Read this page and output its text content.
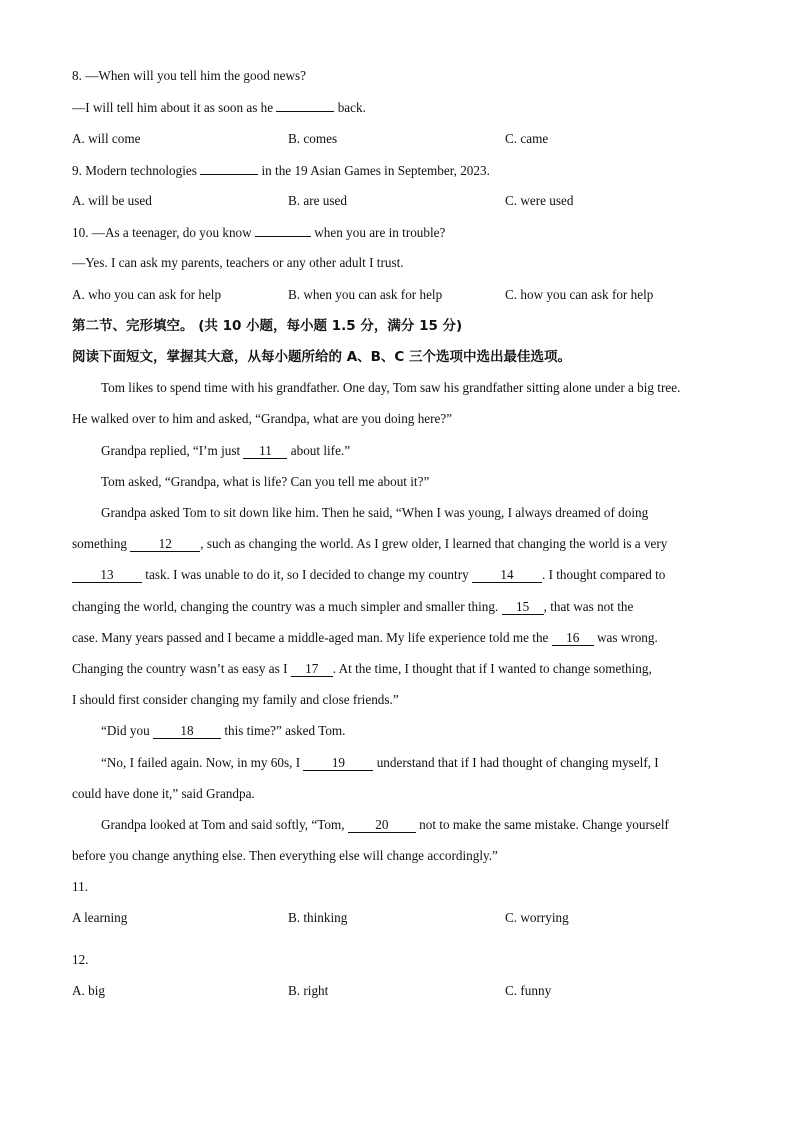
8. —When will you tell him the good news?
—I will tell him about it as soon as he	back.
A. will come	B. comes	C. came
9. Modern technologies	in the 19 Asian Games in September, 2023.
A. will be used	B. are used	C. were used
10. —As a teenager, do you know	when you are in trouble?
—Yes. I can ask my parents, teachers or any other adult I trust.
A. who you can ask for help	B. when you can ask for help	C. how you can ask for help
第二节、完形填空。 (共 10 小题，每小题 1.5 分，满分 15 分)
阅读下面短文，掌握其大意，从每小题所给的 A、B、C 三个选项中选出最佳选项。
Tom likes to spend time with his grandfather. One day, Tom saw his grandfather sitting alone under a big tree.
He walked over to him and asked, “Grandpa, what are you doing here?”
Grandpa replied, “I’m just 11 about life.”
Tom asked, “Grandpa, what is life? Can you tell me about it?”
Grandpa asked Tom to sit down like him. Then he said, “When I was young, I always dreamed of doing
something 12 , such as changing the world. As I grew older, I learned that changing the world is a very
13 task. I was unable to do it, so I decided to change my country 14 . I thought compared to
changing the world, changing the country was a much simpler and smaller thing. 15 , that was not the
case. Many years passed and I became a middle-aged man. My life experience told me the 16 was wrong.
Changing the country wasn’t as easy as I 17 . At the time, I thought that if I wanted to change something,
I should first consider changing my family and close friends.”
“Did you 18 this time?” asked Tom.
“No, I failed again. Now, in my 60s, I 19 understand that if I had thought of changing myself, I
could have done it,” said Grandpa.
Grandpa looked at Tom and said softly, “Tom, 20 not to make the same mistake. Change yourself
before you change anything else. Then everything else will change accordingly.”
11.
A learning	B. thinking	C. worrying
12.
A. big	B. right	C. funny
